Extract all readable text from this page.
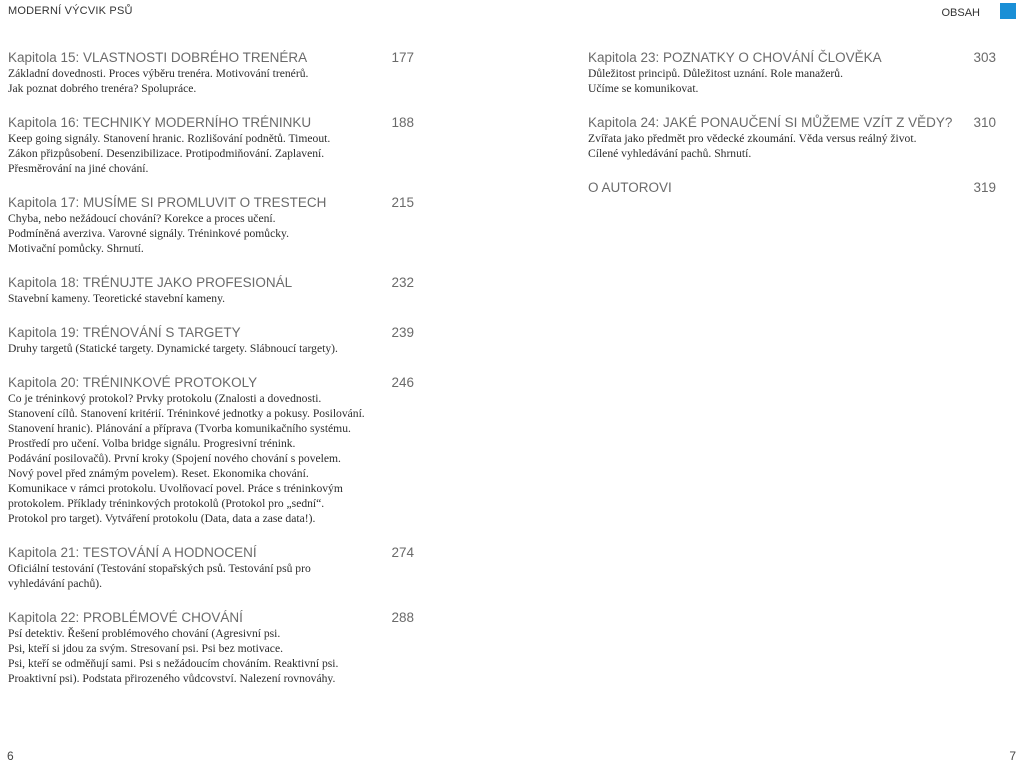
MODERNÍ VÝCVIK PSŮ	OBSAH
Kapitola 15: VLASTNOSTI DOBRÉHO TRENÉRA	177
Základní dovednosti. Proces výběru trenéra. Motivování trenérů.
Jak poznat dobrého trenéra? Spolupráce.
Kapitola 16: TECHNIKY MODERNÍHO TRÉNINKU	188
Keep going signály. Stanovení hranic. Rozlišování podnětů. Timeout.
Zákon přizpůsobení. Desenzibilizace. Protipodmiňování. Zaplavení.
Přesměrování na jiné chování.
Kapitola 17: MUSÍME SI PROMLUVIT O TRESTECH	215
Chyba, nebo nežádoucí chování? Korekce a proces učení.
Podmíněná averziva. Varovné signály. Tréninkové pomůcky.
Motivační pomůcky. Shrnutí.
Kapitola 18: TRÉNUJTE JAKO PROFESIONÁL	232
Stavební kameny. Teoretické stavební kameny.
Kapitola 19: TRÉNOVÁNÍ S TARGETY	239
Druhy targetů (Statické targety. Dynamické targety. Slábnoucí targety).
Kapitola 20: TRÉNINKOVÉ PROTOKOLY	246
Co je tréninkový protokol? Prvky protokolu (Znalosti a dovednosti.
Stanovení cílů. Stanovení kritérií. Tréninkové jednotky a pokusy. Posilování.
Stanovení hranic). Plánování a příprava (Tvorba komunikačního systému.
Prostředí pro učení. Volba bridge signálu. Progresivní trénink.
Podávání posilovačů). První kroky (Spojení nového chování s povelem.
Nový povel před známým povelem). Reset. Ekonomika chování.
Komunikace v rámci protokolu. Uvolňovací povel. Práce s tréninkovým
protokolem. Příklady tréninkových protokolů (Protokol pro „sední“.
Protokol pro target). Vytváření protokolu (Data, data a zase data!).
Kapitola 21: TESTOVÁNÍ A HODNOCENÍ	274
Oficiální testování (Testování stopařských psů. Testování psů pro
vyhledávání pachů).
Kapitola 22: PROBLÉMOVÉ CHOVÁNÍ	288
Psí detektiv. Řešení problémového chování (Agresivní psi.
Psi, kteří si jdou za svým. Stresovaní psi. Psi bez motivace.
Psi, kteří se odměňují sami. Psi s nežádoucím chováním. Reaktivní psi.
Proaktivní psi). Podstata přirozeného vůdcovství. Nalezení rovnováhy.
Kapitola 23: POZNATKY O CHOVÁNÍ ČLOVĚKA	303
Důležitost principů. Důležitost uznání. Role manažerů.
Učíme se komunikovat.
Kapitola 24: JAKÉ PONAUČENÍ SI MŮŽEME VZÍT Z VĚDY? 310
Zvířata jako předmět pro vědecké zkoumání. Věda versus reálný život.
Cílené vyhledávání pachů. Shrnutí.
O AUTOROVI	319
6	7
